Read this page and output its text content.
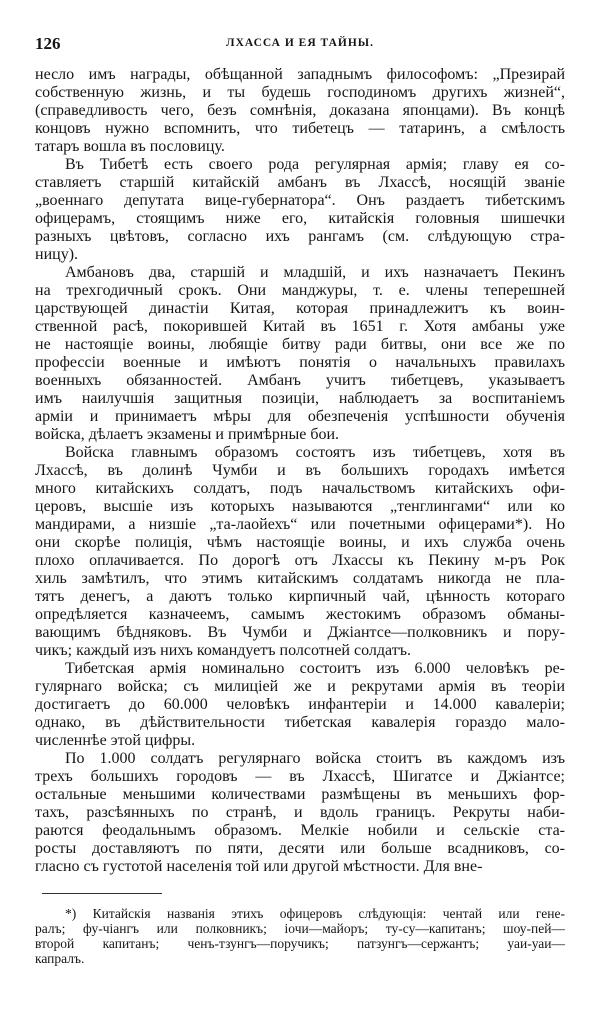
126	ЛХАССА И ЕЯ ТАЙНЫ.
несло имъ награды, обѣщанной западнымъ философомъ: „Презирай
собственную жизнь, и ты будешь господиномъ другихъ жизней“,
(справедливость чего, безъ сомнѣнія, доказана японцами). Въ концѣ
концовъ нужно вспомнить, что тибетецъ — татаринъ, а смѣлость
татаръ вошла въ пословицу.
Въ Тибетѣ есть своего рода регулярная армія; главу ея со-
ставляетъ старшій китайскій амбанъ въ Лхассѣ, носящій званіе
„военнаго депутата вице-губернатора“. Онъ раздаетъ тибетскимъ
офицерамъ, стоящимъ ниже его, китайскія головныя шишечки
разныхъ цвѣтовъ, согласно ихъ рангамъ (см. слѣдующую стра-
ницу).
Амбановъ два, старшій и младшій, и ихъ назначаетъ Пекинъ
на трехгодичный срокъ. Они манджуры, т. е. члены теперешней
царствующей династіи Китая, которая принадлежитъ къ воин-
ственной расѣ, покорившей Китай въ 1651 г. Хотя амбаны уже
не настоящіе воины, любящіе битву ради битвы, они все же по
профессіи военные и имѣютъ понятія о начальныхъ правилахъ
военныхъ обязанностей. Амбанъ учитъ тибетцевъ, указываетъ
имъ наилучшія защитныя позиціи, наблюдаетъ за воспитаніемъ
арміи и принимаетъ мѣры для обезпеченія успѣшности обученія
войска, дѣлаетъ экзамены и примѣрные бои.
Войска главнымъ образомъ состоятъ изъ тибетцевъ, хотя въ
Лхассѣ, въ долинѣ Чумби и въ большихъ городахъ имѣется
много китайскихъ солдатъ, подъ начальствомъ китайскихъ офи-
церовъ, высшіе изъ которыхъ называются „тенглингами“ или ко
мандирами, а низшіе „та-лаойехъ“ или почетными офицерами*). Но
они скорѣе полиція, чѣмъ настоящіе воины, и ихъ служба очень
плохо оплачивается. По дорогѣ отъ Лхассы къ Пекину м-ръ Рок
хиль замѣтилъ, что этимъ китайскимъ солдатамъ никогда не пла-
тятъ денегъ, а даютъ только кирпичный чай, цѣнность котораго
опредѣляется казначеемъ, самымъ жестокимъ образомъ обманы-
вающимъ бѣдняковъ. Въ Чумби и Джіантсе—полковникъ и пору-
чикъ; каждый изъ нихъ командуетъ полсотней солдатъ.
Тибетская армія номинально состоитъ изъ 6.000 человѣкъ ре-
гулярнаго войска; съ милиціей же и рекрутами армія въ теоріи
достигаетъ до 60.000 человѣкъ инфантеріи и 14.000 кавалеріи;
однако, въ дѣйствительности тибетская кавалерія гораздо мало-
численнѣе этой цифры.
По 1.000 солдатъ регулярнаго войска стоитъ въ каждомъ изъ
трехъ большихъ городовъ — въ Лхассѣ, Шигатсе и Джіантсе;
остальные меньшими количествами размѣщены въ меньшихъ фор-
тахъ, разсѣянныхъ по странѣ, и вдоль границъ. Рекруты наби-
раются феодальнымъ образомъ. Мелкіе нобили и сельскіе ста-
росты доставляютъ по пяти, десяти или больше всадниковъ, со-
гласно съ густотой населенія той или другой мѣстности. Для вне-
*) Китайскія названія этихъ офицеровъ слѣдующія: чентай или гене-
ралъ; фу-чіангъ или полковникъ; іочи—майоръ; ту-су—капитанъ; шоу-пей—
второй капитанъ; ченъ-тзунгъ—поручикъ; патзунгъ—сержантъ; уаи-уаи—
капралъ.
